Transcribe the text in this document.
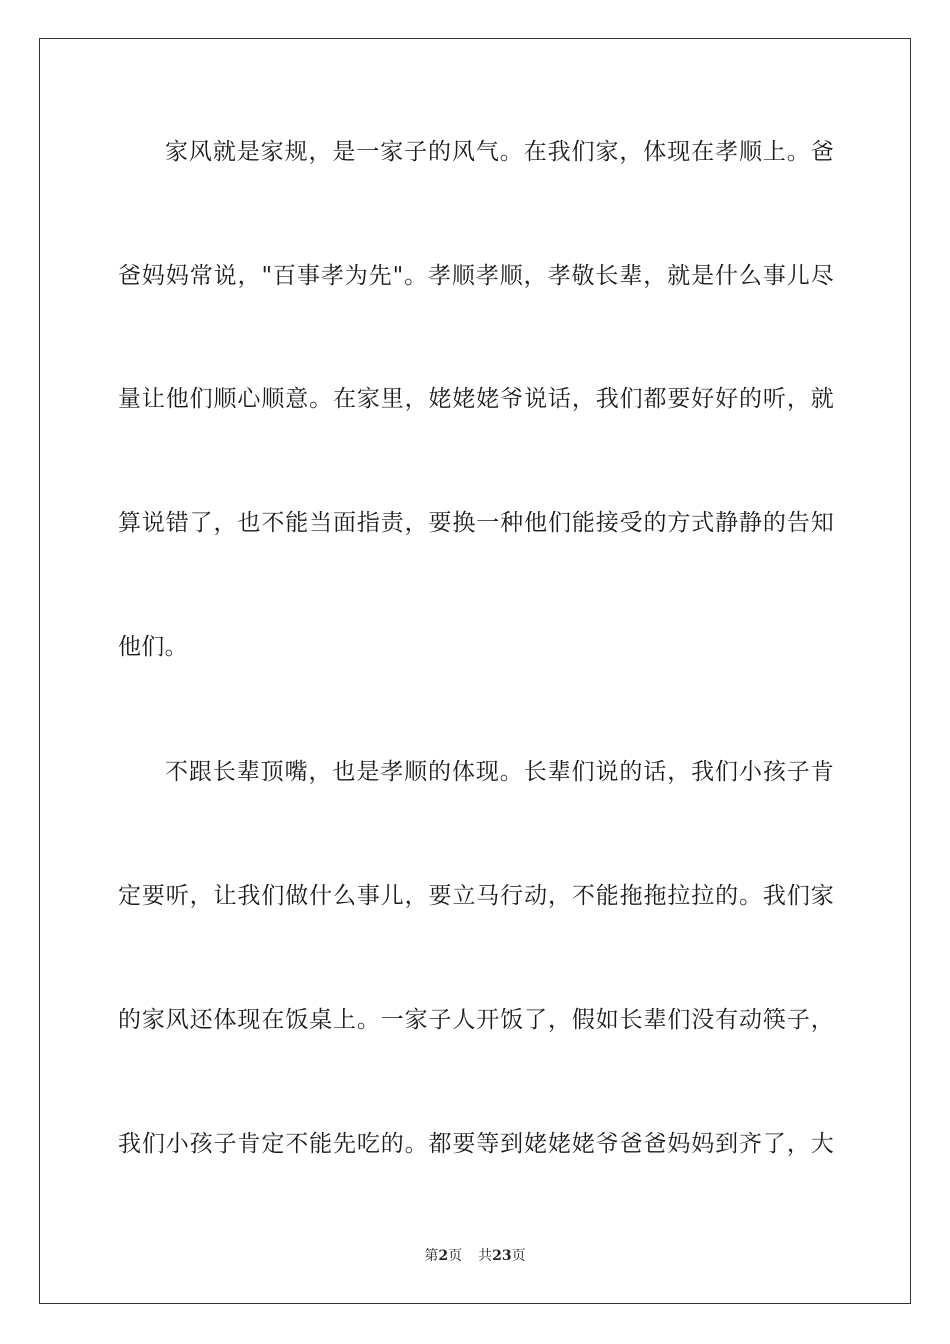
家风就是家规，是一家子的风气。在我们家，体现在孝顺上。爸
爸妈妈常说，"百事孝为先"。孝顺孝顺，孝敬长辈，就是什么事儿尽
量让他们顺心顺意。在家里，姥姥姥爷说话，我们都要好好的听，就
算说错了，也不能当面指责，要换一种他们能接受的方式静静的告知
他们。
不跟长辈顶嘴，也是孝顺的体现。长辈们说的话，我们小孩子肯
定要听，让我们做什么事儿，要立马行动，不能拖拖拉拉的。我们家
的家风还体现在饭桌上。一家子人开饭了，假如长辈们没有动筷子，
我们小孩子肯定不能先吃的。都要等到姥姥姥爷爸爸妈妈到齐了，大
第2页 共23页
